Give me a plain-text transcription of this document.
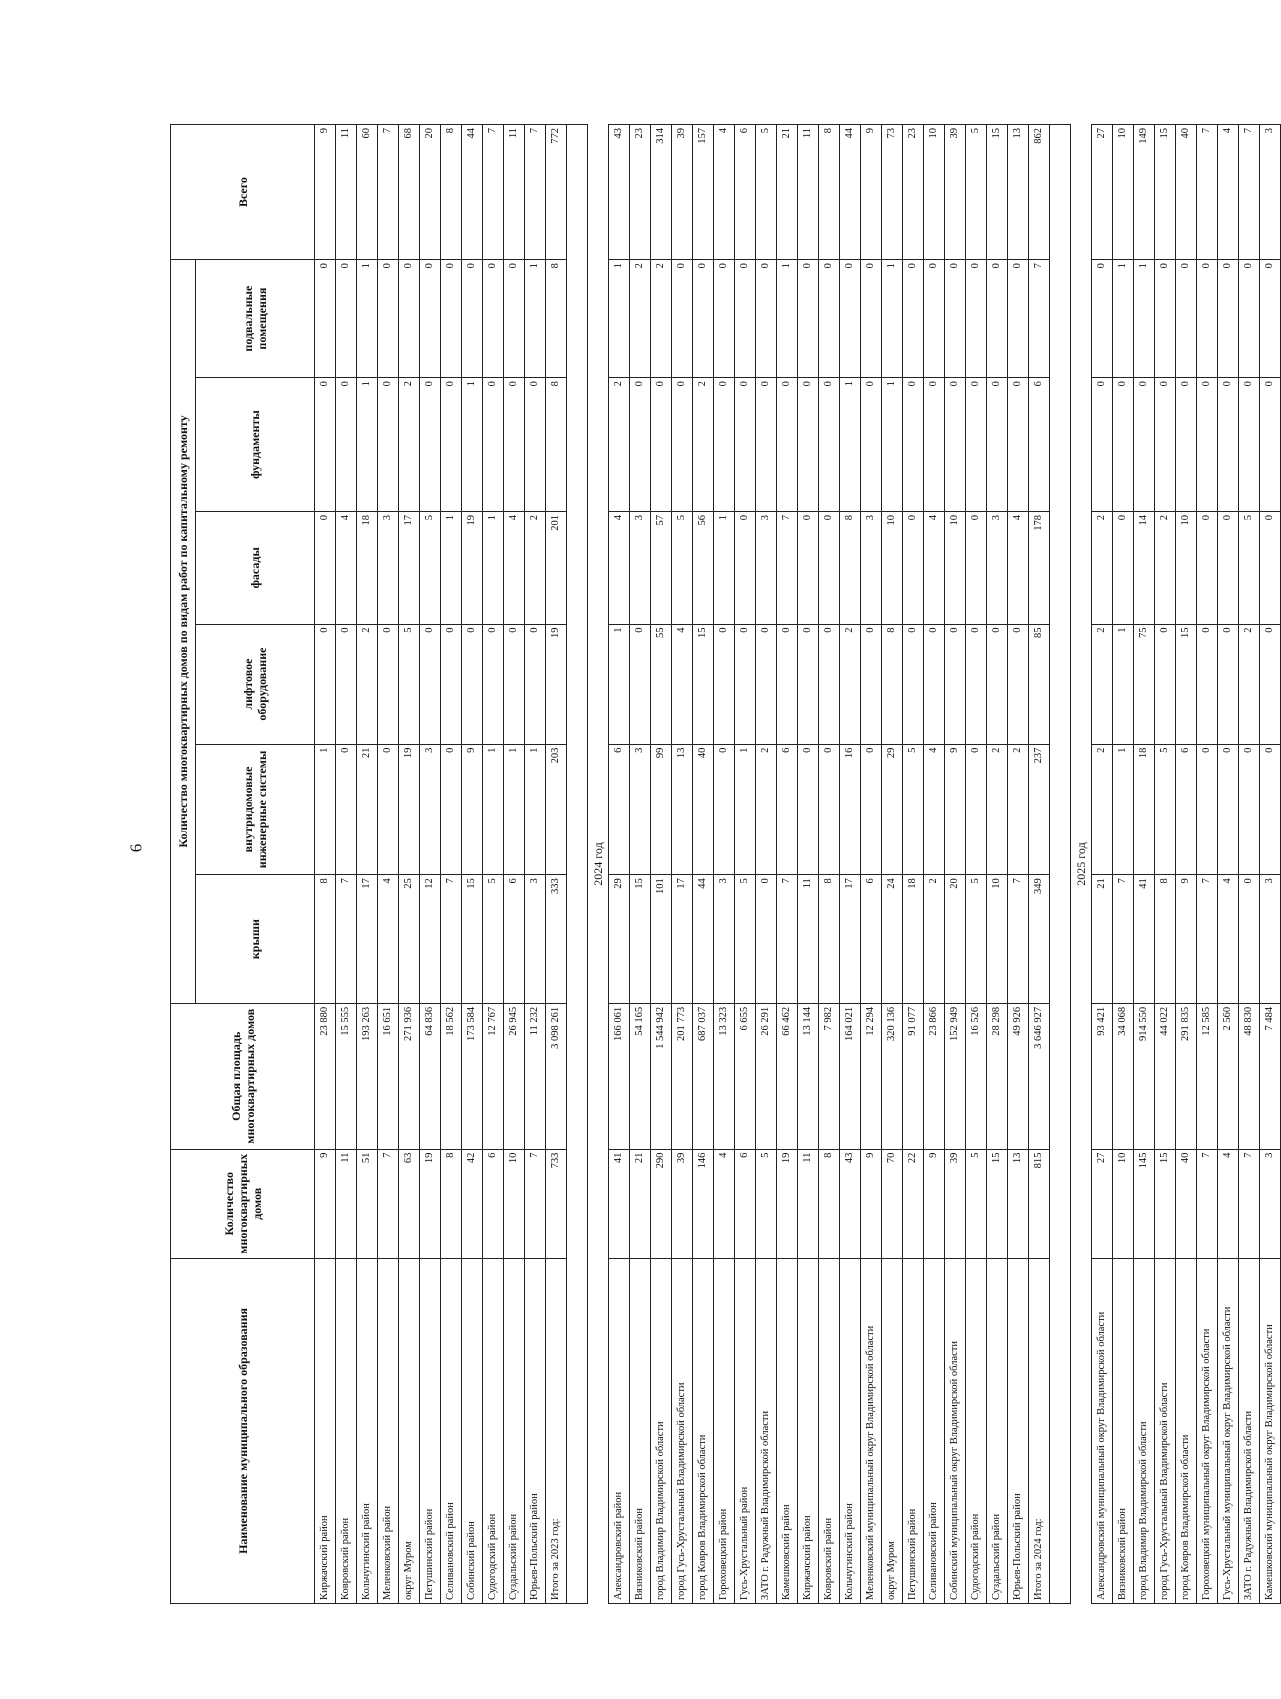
6
Наименование муниципального образования	Количество многоквартирных домов	Общая площадь многоквартирных домов	Количество многоквартирных домов по видам работ по капитальному ремонту						Всего
			крыши	внутридомовые инженерные системы	лифтовое оборудование	фасады	фундаменты	подвальные помещения	
Киржачский район	9	23 880	8	1	0	0	0	0	9
Ковровский район	11	15 555	7	0	0	4	0	0	11
Кольчугинский район	51	193 263	17	21	2	18	1	1	60
Меленковский район	7	16 651	4	0	0	3	0	0	7
округ Муром	63	271 936	25	19	5	17	2	0	68
Петушинский район	19	64 836	12	3	0	5	0	0	20
Селивановский район	8	18 562	7	0	0	1	0	0	8
Собинский район	42	173 584	15	9	0	19	1	0	44
Судогодский район	6	12 767	5	1	0	1	0	0	7
Суздальский район	10	26 945	6	1	0	4	0	0	11
Юрьев-Польский район	7	11 232	3	1	0	2	0	1	7
Итого за 2023 год:	733	3 098 261	333	203	19	201	8	8	772

2024 год									
Александровский район	41	166 061	29	6	1	4	2	1	43
Вязниковский район	21	54 165	15	3	0	3	0	2	23
город Владимир Владимирской области	290	1 544 942	101	99	55	57	0	2	314
город Гусь-Хрустальный Владимирской области	39	201 773	17	13	4	5	0	0	39
город Ковров Владимирской области	146	687 037	44	40	15	56	2	0	157
Гороховецкий район	4	13 323	3	0	0	1	0	0	4
Гусь-Хрустальный район	6	6 655	5	1	0	0	0	0	6
ЗАТО г. Радужный Владимирской области	5	26 291	0	2	0	3	0	0	5
Камешковский район	19	66 462	7	6	0	7	0	1	21
Киржачский район	11	13 144	11	0	0	0	0	0	11
Ковровский район	8	7 982	8	0	0	0	0	0	8
Кольчугинский район	43	164 021	17	16	2	8	1	0	44
Меленковский муниципальный округ Владимирской области	9	12 294	6	0	0	3	0	0	9
округ Муром	70	320 136	24	29	8	10	1	1	73
Петушинский район	22	91 077	18	5	0	0	0	0	23
Селивановский район	9	23 866	2	4	0	4	0	0	10
Собинский муниципальный округ Владимирской области	39	152 949	20	9	0	10	0	0	39
Судогодский район	5	16 526	5	0	0	0	0	0	5
Суздальский район	15	28 298	10	2	0	3	0	0	15
Юрьев-Польский район	13	49 926	7	2	0	4	0	0	13
Итого за 2024 год:	815	3 646 927	349	237	85	178	6	7	862

2025 год									
Александровский муниципальный округ Владимирской области	27	93 421	21	2	2	2	0	0	27
Вязниковский район	10	34 068	7	1	1	0	0	1	10
город Владимир Владимирской области	145	914 550	41	18	75	14	0	1	149
город Гусь-Хрустальный Владимирской области	15	44 022	8	5	0	2	0	0	15
город Ковров Владимирской области	40	291 835	9	6	15	10	0	0	40
Гороховецкий муниципальный округ Владимирской области	7	12 585	7	0	0	0	0	0	7
Гусь-Хрустальный муниципальный округ Владимирской области	4	2 560	4	0	0	0	0	0	4
ЗАТО г. Радужный Владимирской области	7	48 830	0	0	2	5	0	0	7
Камешковский муниципальный округ Владимирской области	3	7 484	3	0	0	0	0	0	3
